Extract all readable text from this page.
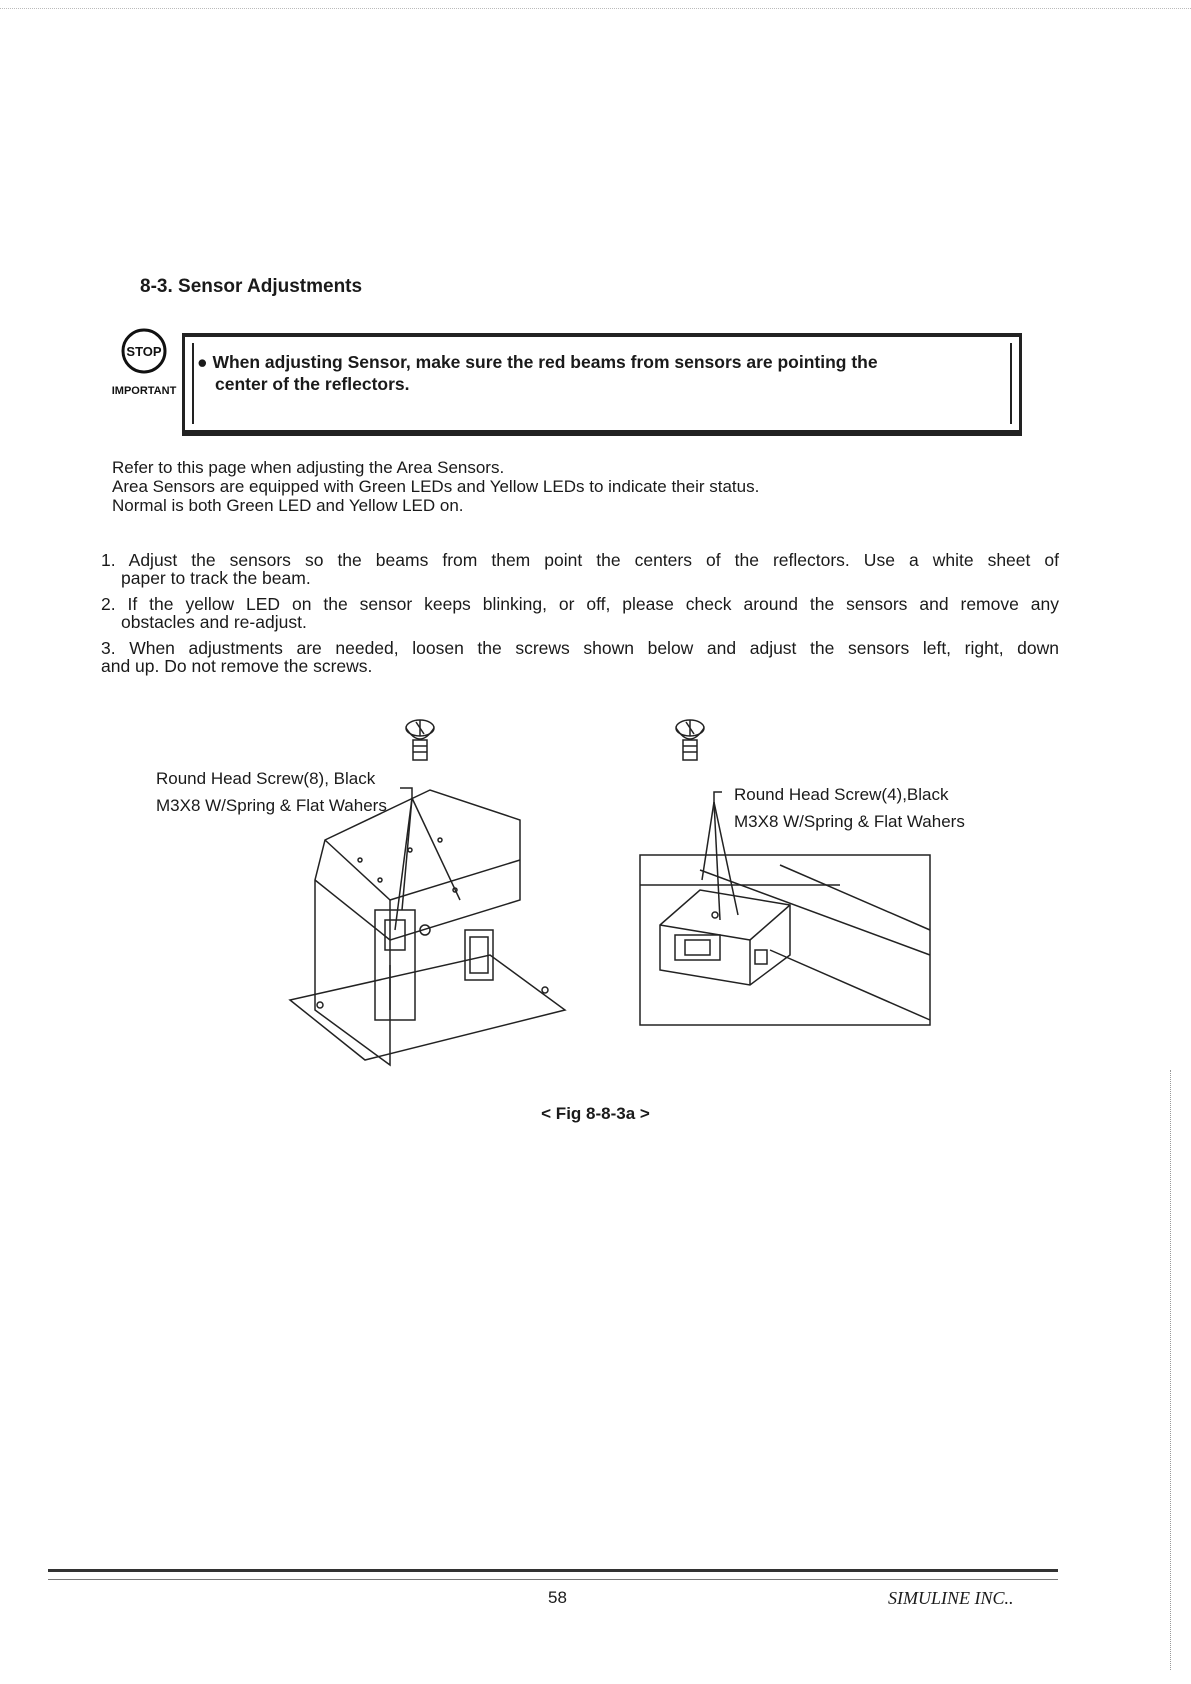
8-3. Sensor Adjustments
STOP
IMPORTANT
● When adjusting Sensor, make sure the red beams from sensors are pointing the
center of the reflectors.
Refer to this page when adjusting the Area Sensors.
Area Sensors are equipped with Green LEDs and Yellow LEDs to indicate their status.
Normal is both Green LED and Yellow LED on.

1. Adjust the sensors so the beams from them point the centers of the reflectors. Use a white sheet of
paper to track the beam.

2. If the yellow LED on the sensor keeps blinking, or off, please check around the sensors and remove any
obstacles and re-adjust.

3. When adjustments are needed, loosen the screws shown below and adjust the sensors left, right, down
and up. Do not remove the screws.

Round Head Screw(8), Black
M3X8 W/Spring & Flat Wahers
Round Head Screw(4),Black
M3X8 W/Spring & Flat Wahers
< Fig 8-8-3a >
58	SIMULINE INC..
